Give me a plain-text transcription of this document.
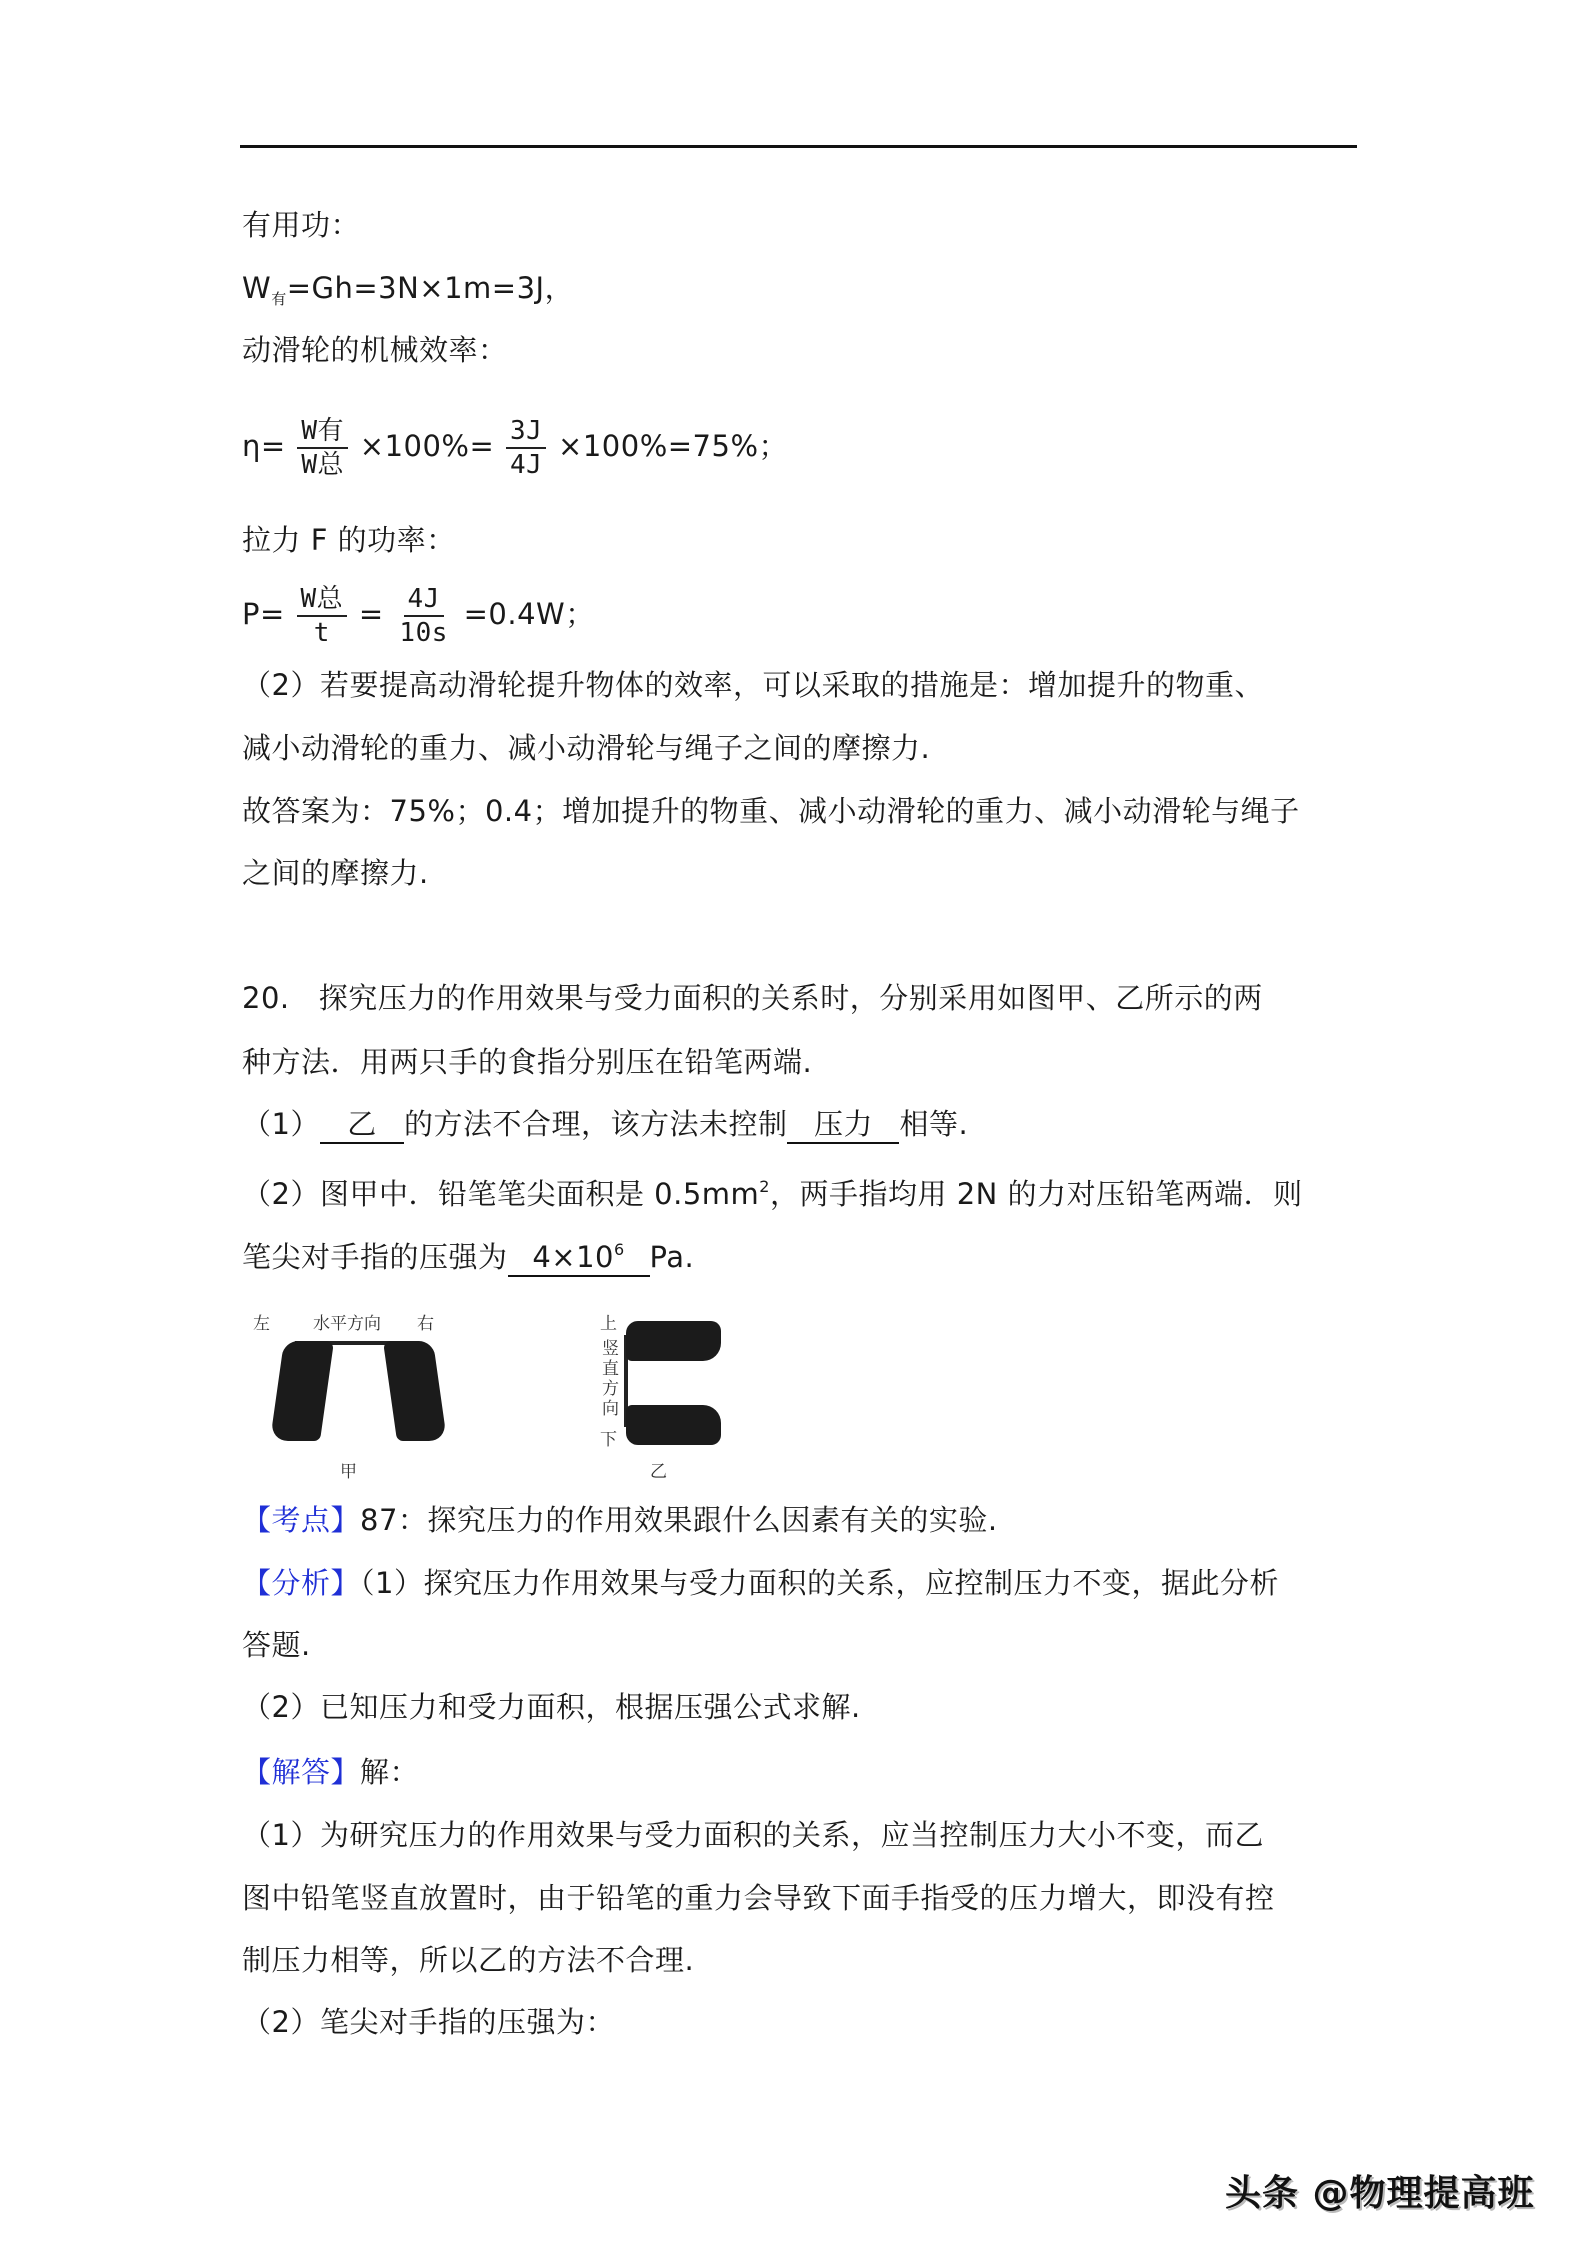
有用功：
$W_有=Gh=3N\times 1m=3J$，
动滑轮的机械效率：
$\eta= \frac{\text{W有}}{\text{W总}} \times 100\%= \frac{3J}{4J} \times 100\%=75\%$；
拉力 F 的功率：
$P= \frac{\text{W总}}{t} = \frac{4J}{10s} =0.4W$；
（2）若要提高动滑轮提升物体的效率，可以采取的措施是：增加提升的物重、
减小动滑轮的重力、减小动滑轮与绳子之间的摩擦力.
故答案为：75%；0.4；增加提升的物重、减小动滑轮的重力、减小动滑轮与绳子
之间的摩擦力.
20. 探究压力的作用效果与受力面积的关系时，分别采用如图甲、乙所示的两
种方法．用两只手的食指分别压在铅笔两端.
（1） 乙 的方法不合理，该方法未控制 压力 相等.
（2）图甲中．铅笔笔尖面积是 $0.5mm^2$，两手指均用 2N 的力对压铅笔两端．则
笔尖对手指的压强为 $4\times 10^6$ Pa.
左	水平方向 右
甲
上
竖直方向
下
乙
【考点】87：探究压力的作用效果跟什么因素有关的实验.
【分析】（1）探究压力作用效果与受力面积的关系，应控制压力不变，据此分析
答题.
（2）已知压力和受力面积，根据压强公式求解.
【解答】解：
（1）为研究压力的作用效果与受力面积的关系，应当控制压力大小不变，而乙
图中铅笔竖直放置时，由于铅笔的重力会导致下面手指受的压力增大，即没有控
制压力相等，所以乙的方法不合理.
（2）笔尖对手指的压强为：
头条 @物理提高班
